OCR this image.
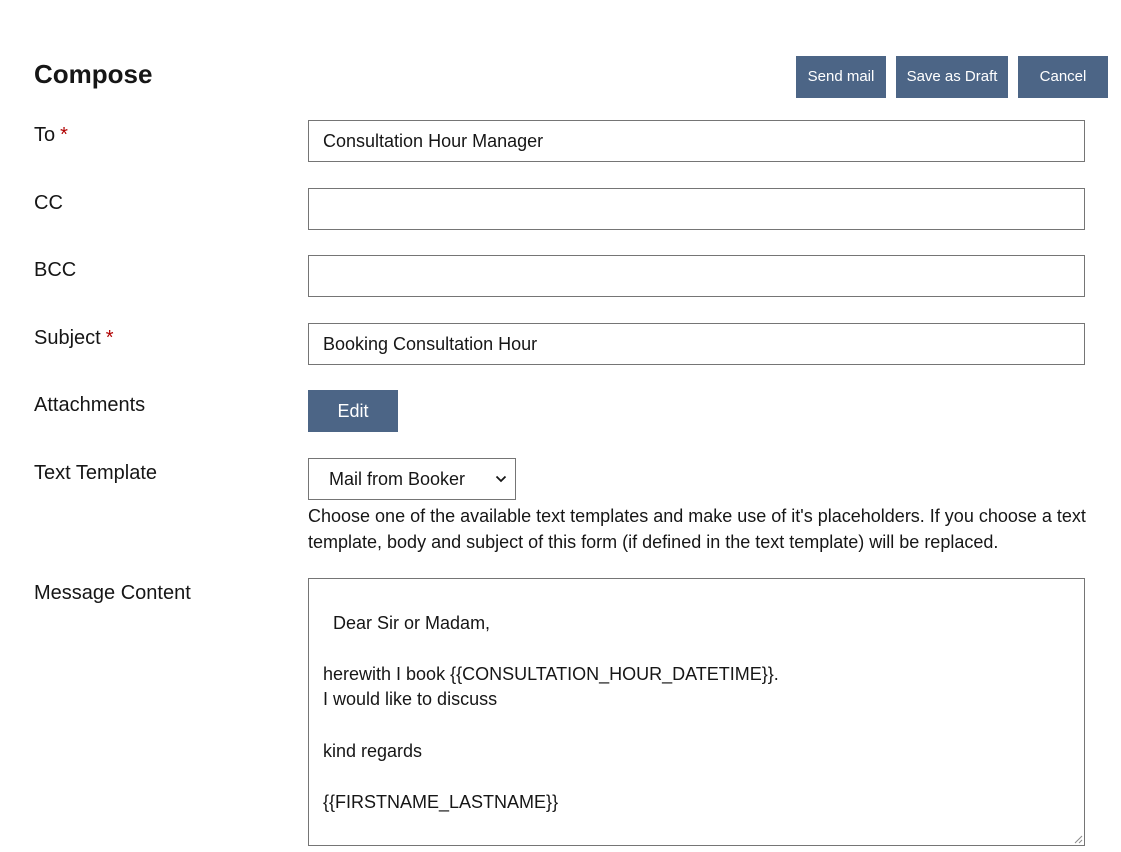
Compose	Send mail	Save as Draft	Cancel
To *	Consultation Hour Manager
CC
BCC
Subject *	Booking Consultation Hour
Attachments	Edit
Text Template	Mail from Booker

Choose one of the available text templates and make use of it's placeholders. If you choose a text template, body and subject of this form (if defined in the text template) will be replaced.

Message Content

Dear Sir or Madam,

herewith I book {{CONSULTATION_HOUR_DATETIME}}.
I would like to discuss

kind regards

{{FIRSTNAME_LASTNAME}}
